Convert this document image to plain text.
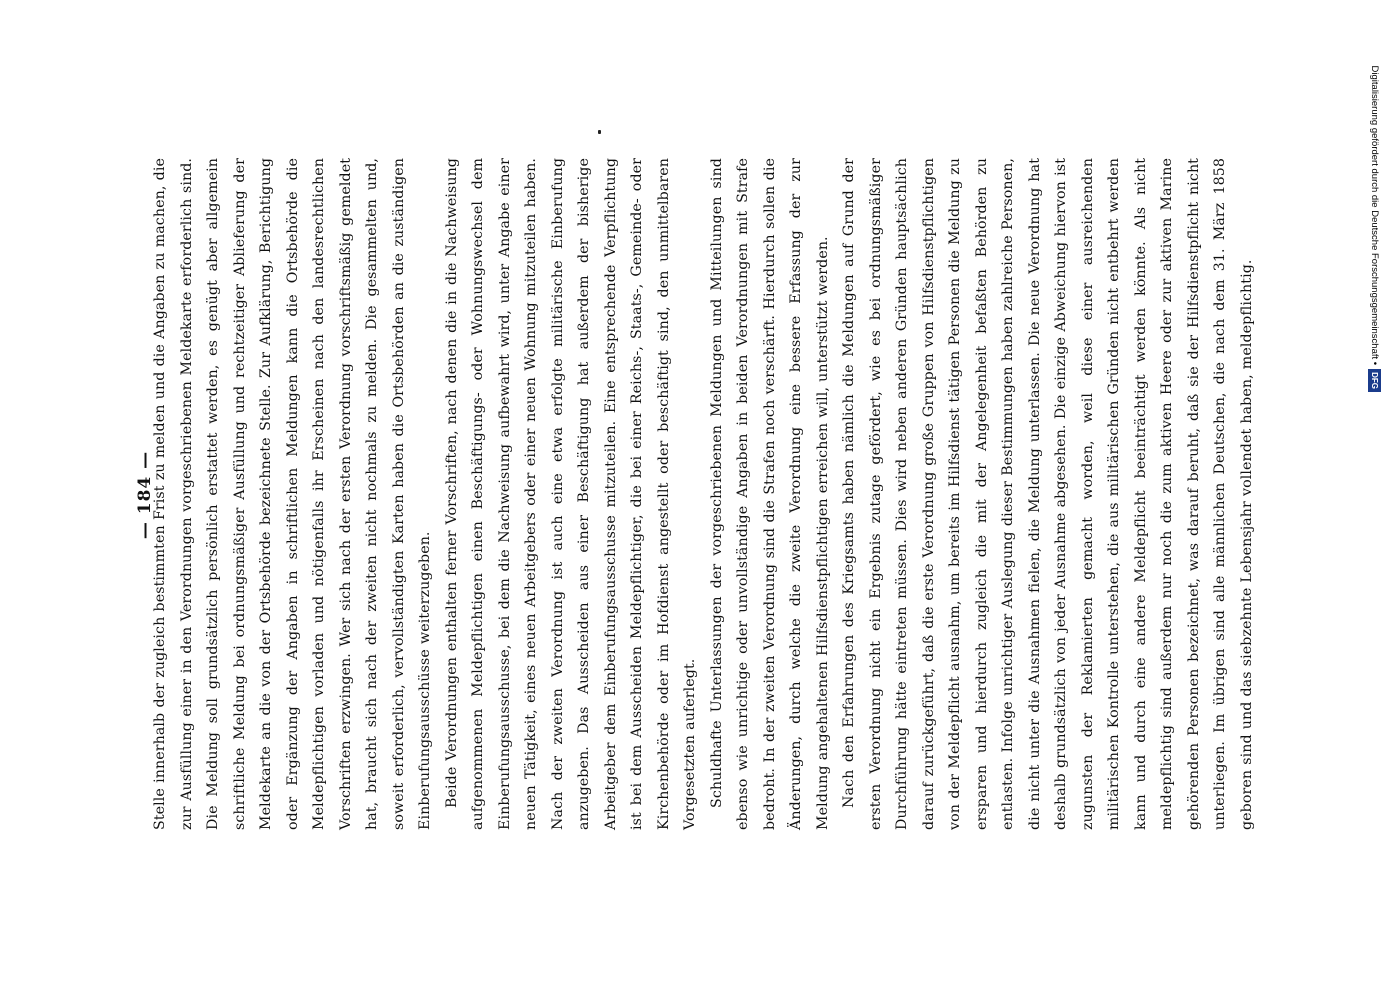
— 184 —

Stelle innerhalb der zugleich bestimmten Frist zu melden und die Angaben zu machen, die zur Ausfüllung einer in den Verordnungen vorgeschriebenen Meldekarte erforderlich sind. Die Meldung soll grundsätzlich persönlich erstattet werden, es genügt aber allgemein schriftliche Meldung bei ordnungsmäßiger Ausfüllung und rechtzeitiger Ablieferung der Meldekarte an die von der Ortsbehörde bezeichnete Stelle. Zur Aufklärung, Berichtigung oder Ergänzung der Angaben in schriftlichen Meldungen kann die Ortsbehörde die Meldepflichtigen vorladen und nötigenfalls ihr Erscheinen nach den landesrechtlichen Vorschriften erzwingen. Wer sich nach der ersten Verordnung vorschriftsmäßig gemeldet hat, braucht sich nach der zweiten nicht nochmals zu melden. Die gesammelten und, soweit erforderlich, vervollständigten Karten haben die Ortsbehörden an die zuständigen Einberufungsausschüsse weiterzugeben. Beide Verordnungen enthalten ferner Vorschriften, nach denen die in die Nachweisung aufgenommenen Meldepflichtigen einen Beschäftigungs- oder Wohnungswechsel dem Einberufungsausschusse, bei dem die Nachweisung aufbewahrt wird, unter Angabe einer neuen Tätigkeit, eines neuen Arbeitgebers oder einer neuen Wohnung mitzuteilen haben. Nach der zweiten Verordnung ist auch eine etwa erfolgte militärische Einberufung anzugeben. Das Ausscheiden aus einer Beschäftigung hat außerdem der bisherige Arbeitgeber dem Einberufungsausschusse mitzuteilen. Eine entsprechende Verpflichtung ist bei dem Ausscheiden Meldepflichtiger, die bei einer Reichs-, Staats-, Gemeinde- oder Kirchenbehörde oder im Hofdienst angestellt oder beschäftigt sind, den unmittelbaren Vorgesetzten auferlegt. Schuldhafte Unterlassungen der vorgeschriebenen Meldungen und Mitteilungen sind ebenso wie unrichtige oder unvollständige Angaben in beiden Verordnungen mit Strafe bedroht. In der zweiten Verordnung sind die Strafen noch verschärft. Hierdurch sollen die Änderungen, durch welche die zweite Verordnung eine bessere Erfassung der zur Meldung angehaltenen Hilfsdienstpflichtigen erreichen will, unterstützt werden. Nach den Erfahrungen des Kriegsamts haben nämlich die Meldungen auf Grund der ersten Verordnung nicht ein Ergebnis zutage gefördert, wie es bei ordnungsmäßiger Durchführung hätte eintreten müssen. Dies wird neben anderen Gründen hauptsächlich darauf zurückgeführt, daß die erste Verordnung große Gruppen von Hilfsdienstpflichtigen von der Meldepflicht ausnahm, um bereits im Hilfsdienst tätigen Personen die Meldung zu ersparen und hierdurch zugleich die mit der Angelegenheit befaßten Behörden zu entlasten. Infolge unrichtiger Auslegung dieser Bestimmungen haben zahlreiche Personen, die nicht unter die Ausnahmen fielen, die Meldung unterlassen. Die neue Verordnung hat deshalb grundsätzlich von jeder Ausnahme abgesehen. Die einzige Abweichung hiervon ist zugunsten der Reklamierten gemacht worden, weil diese einer ausreichenden militärischen Kontrolle unterstehen, die aus militärischen Gründen nicht entbehrt werden kann und durch eine andere Meldepflicht beeinträchtigt werden könnte. Als nicht meldepflichtig sind außerdem nur noch die zum aktiven Heere oder zur aktiven Marine gehörenden Personen bezeichnet, was darauf beruht, daß sie der Hilfsdienstpflicht nicht unterliegen. Im übrigen sind alle männlichen Deutschen, die nach dem 31. März 1858 geboren sind und das siebzehnte Lebensjahr vollendet haben, meldepflichtig.

Digitalisierung gefördert durch die Deutsche Forschungsgemeinschaft •
DFG
